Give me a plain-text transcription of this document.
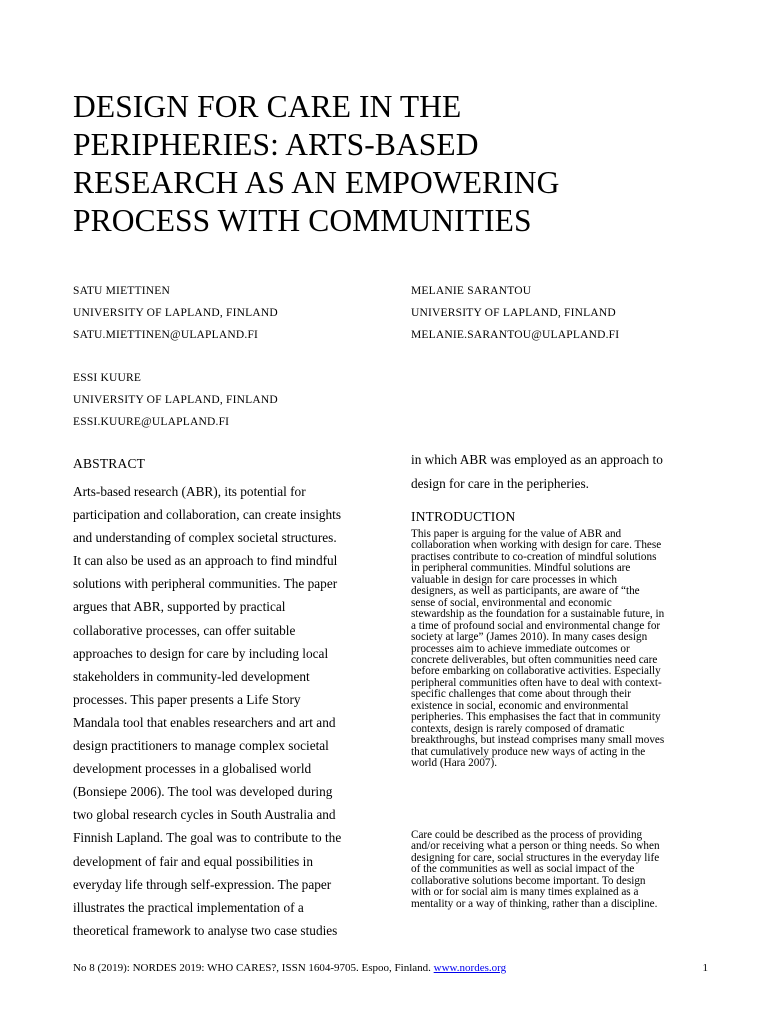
DESIGN FOR CARE IN THE
PERIPHERIES: ARTS-BASED
RESEARCH AS AN EMPOWERING
PROCESS WITH COMMUNITIES
SATU MIETTINEN
UNIVERSITY OF LAPLAND, FINLAND
SATU.MIETTINEN@ULAPLAND.FI
MELANIE SARANTOU
UNIVERSITY OF LAPLAND, FINLAND
MELANIE.SARANTOU@ULAPLAND.FI
ESSI KUURE
UNIVERSITY OF LAPLAND, FINLAND
ESSI.KUURE@ULAPLAND.FI
ABSTRACT
Arts-based research (ABR), its potential for
participation and collaboration, can create insights
and understanding of complex societal structures.
It can also be used as an approach to find mindful
solutions with peripheral communities. The paper
argues that ABR, supported by practical
collaborative processes, can offer suitable
approaches to design for care by including local
stakeholders in community-led development
processes. This paper presents a Life Story
Mandala tool that enables researchers and art and
design practitioners to manage complex societal
development processes in a globalised world
(Bonsiepe 2006). The tool was developed during
two global research cycles in South Australia and
Finnish Lapland. The goal was to contribute to the
development of fair and equal possibilities in
everyday life through self-expression. The paper
illustrates the practical implementation of a
theoretical framework to analyse two case studies
in which ABR was employed as an approach to
design for care in the peripheries.
INTRODUCTION
This paper is arguing for the value of ABR and
collaboration when working with design for care. These
practises contribute to co-creation of mindful solutions
in peripheral communities. Mindful solutions are
valuable in design for care processes in which
designers, as well as participants, are aware of “the
sense of social, environmental and economic
stewardship as the foundation for a sustainable future, in
a time of profound social and environmental change for
society at large” (James 2010). In many cases design
processes aim to achieve immediate outcomes or
concrete deliverables, but often communities need care
before embarking on collaborative activities. Especially
peripheral communities often have to deal with context-
specific challenges that come about through their
existence in social, economic and environmental
peripheries. This emphasises the fact that in community
contexts, design is rarely composed of dramatic
breakthroughs, but instead comprises many small moves
that cumulatively produce new ways of acting in the
world (Hara 2007).
Care could be described as the process of providing
and/or receiving what a person or thing needs. So when
designing for care, social structures in the everyday life
of the communities as well as social impact of the
collaborative solutions become important. To design
with or for social aim is many times explained as a
mentality or a way of thinking, rather than a discipline.
No 8 (2019): NORDES 2019: WHO CARES?, ISSN 1604-9705. Espoo, Finland. www.nordes.org	1
